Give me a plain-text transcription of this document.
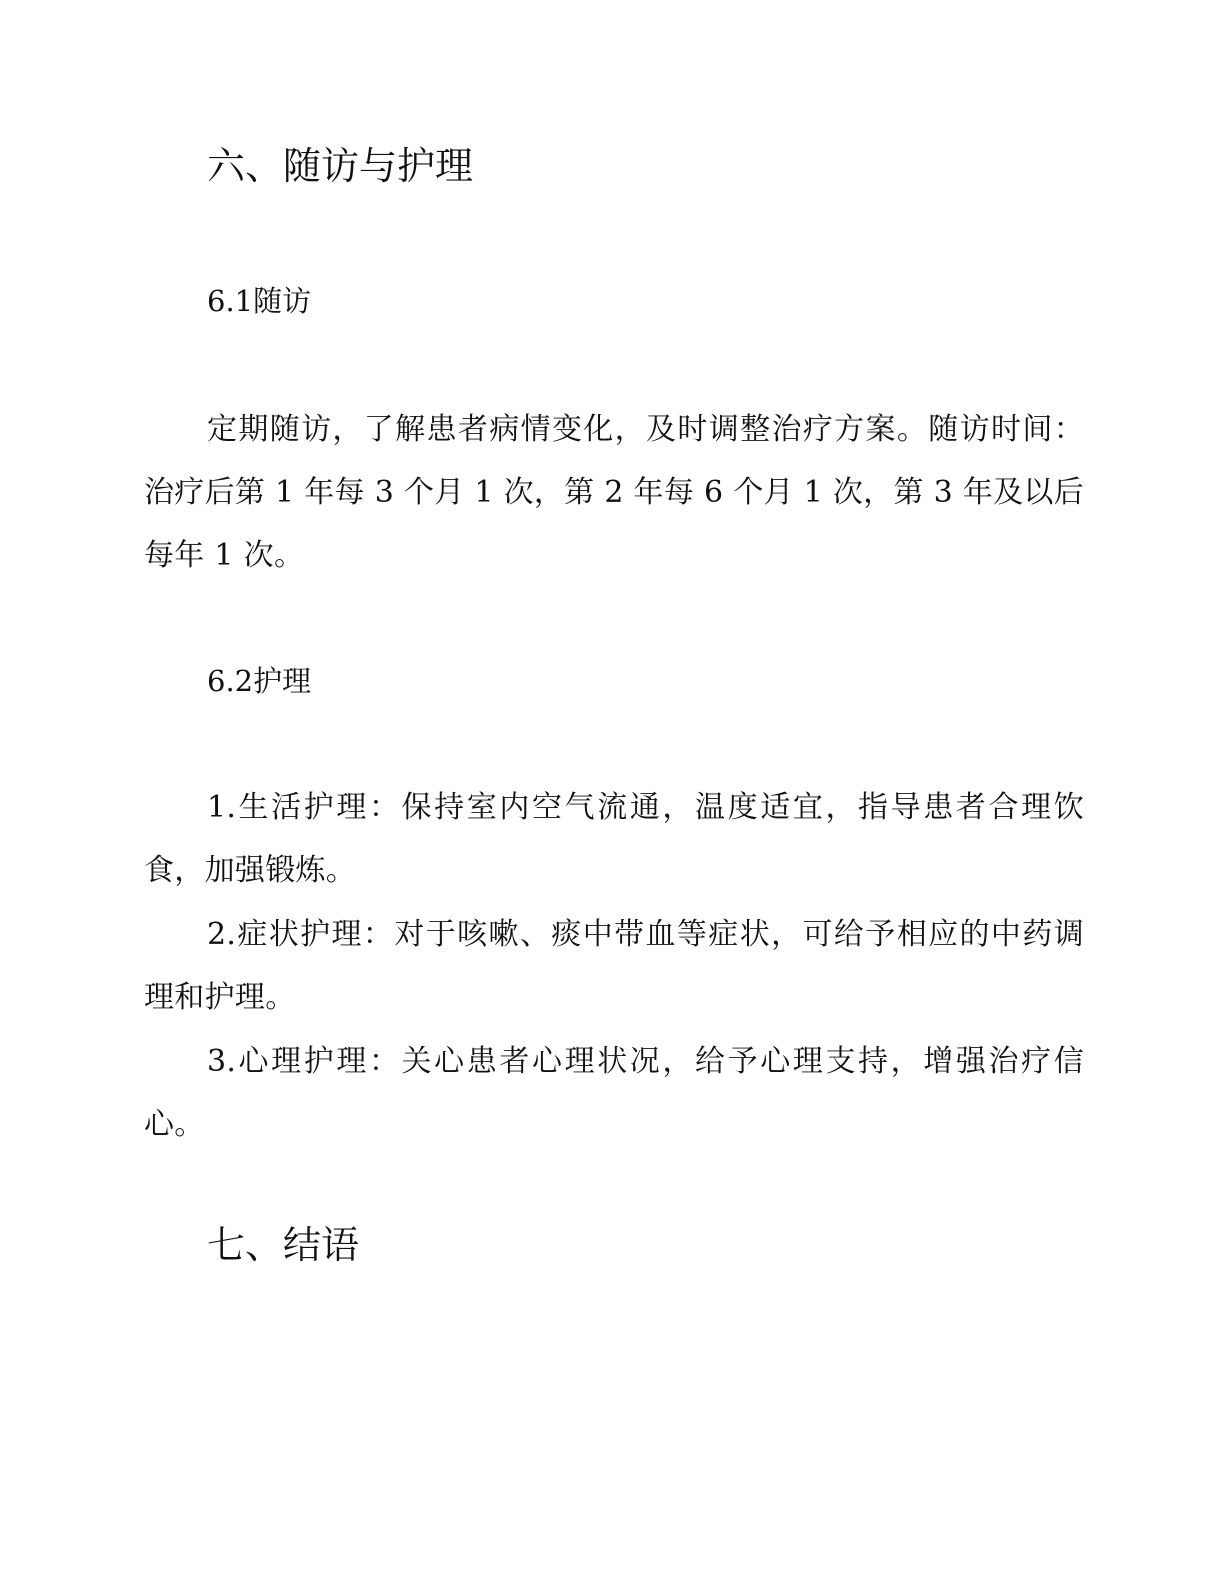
六、随访与护理
6.1随访

定期随访，了解患者病情变化，及时调整治疗方案。随访时间：治疗后第 1 年每 3 个月 1 次，第 2 年每 6 个月 1 次，第 3 年及以后每年 1 次。

6.2护理

1.生活护理：保持室内空气流通，温度适宜，指导患者合理饮食，加强锻炼。

2.症状护理：对于咳嗽、痰中带血等症状，可给予相应的中药调理和护理。

3.心理护理：关心患者心理状况，给予心理支持，增强治疗信心。

七、结语
